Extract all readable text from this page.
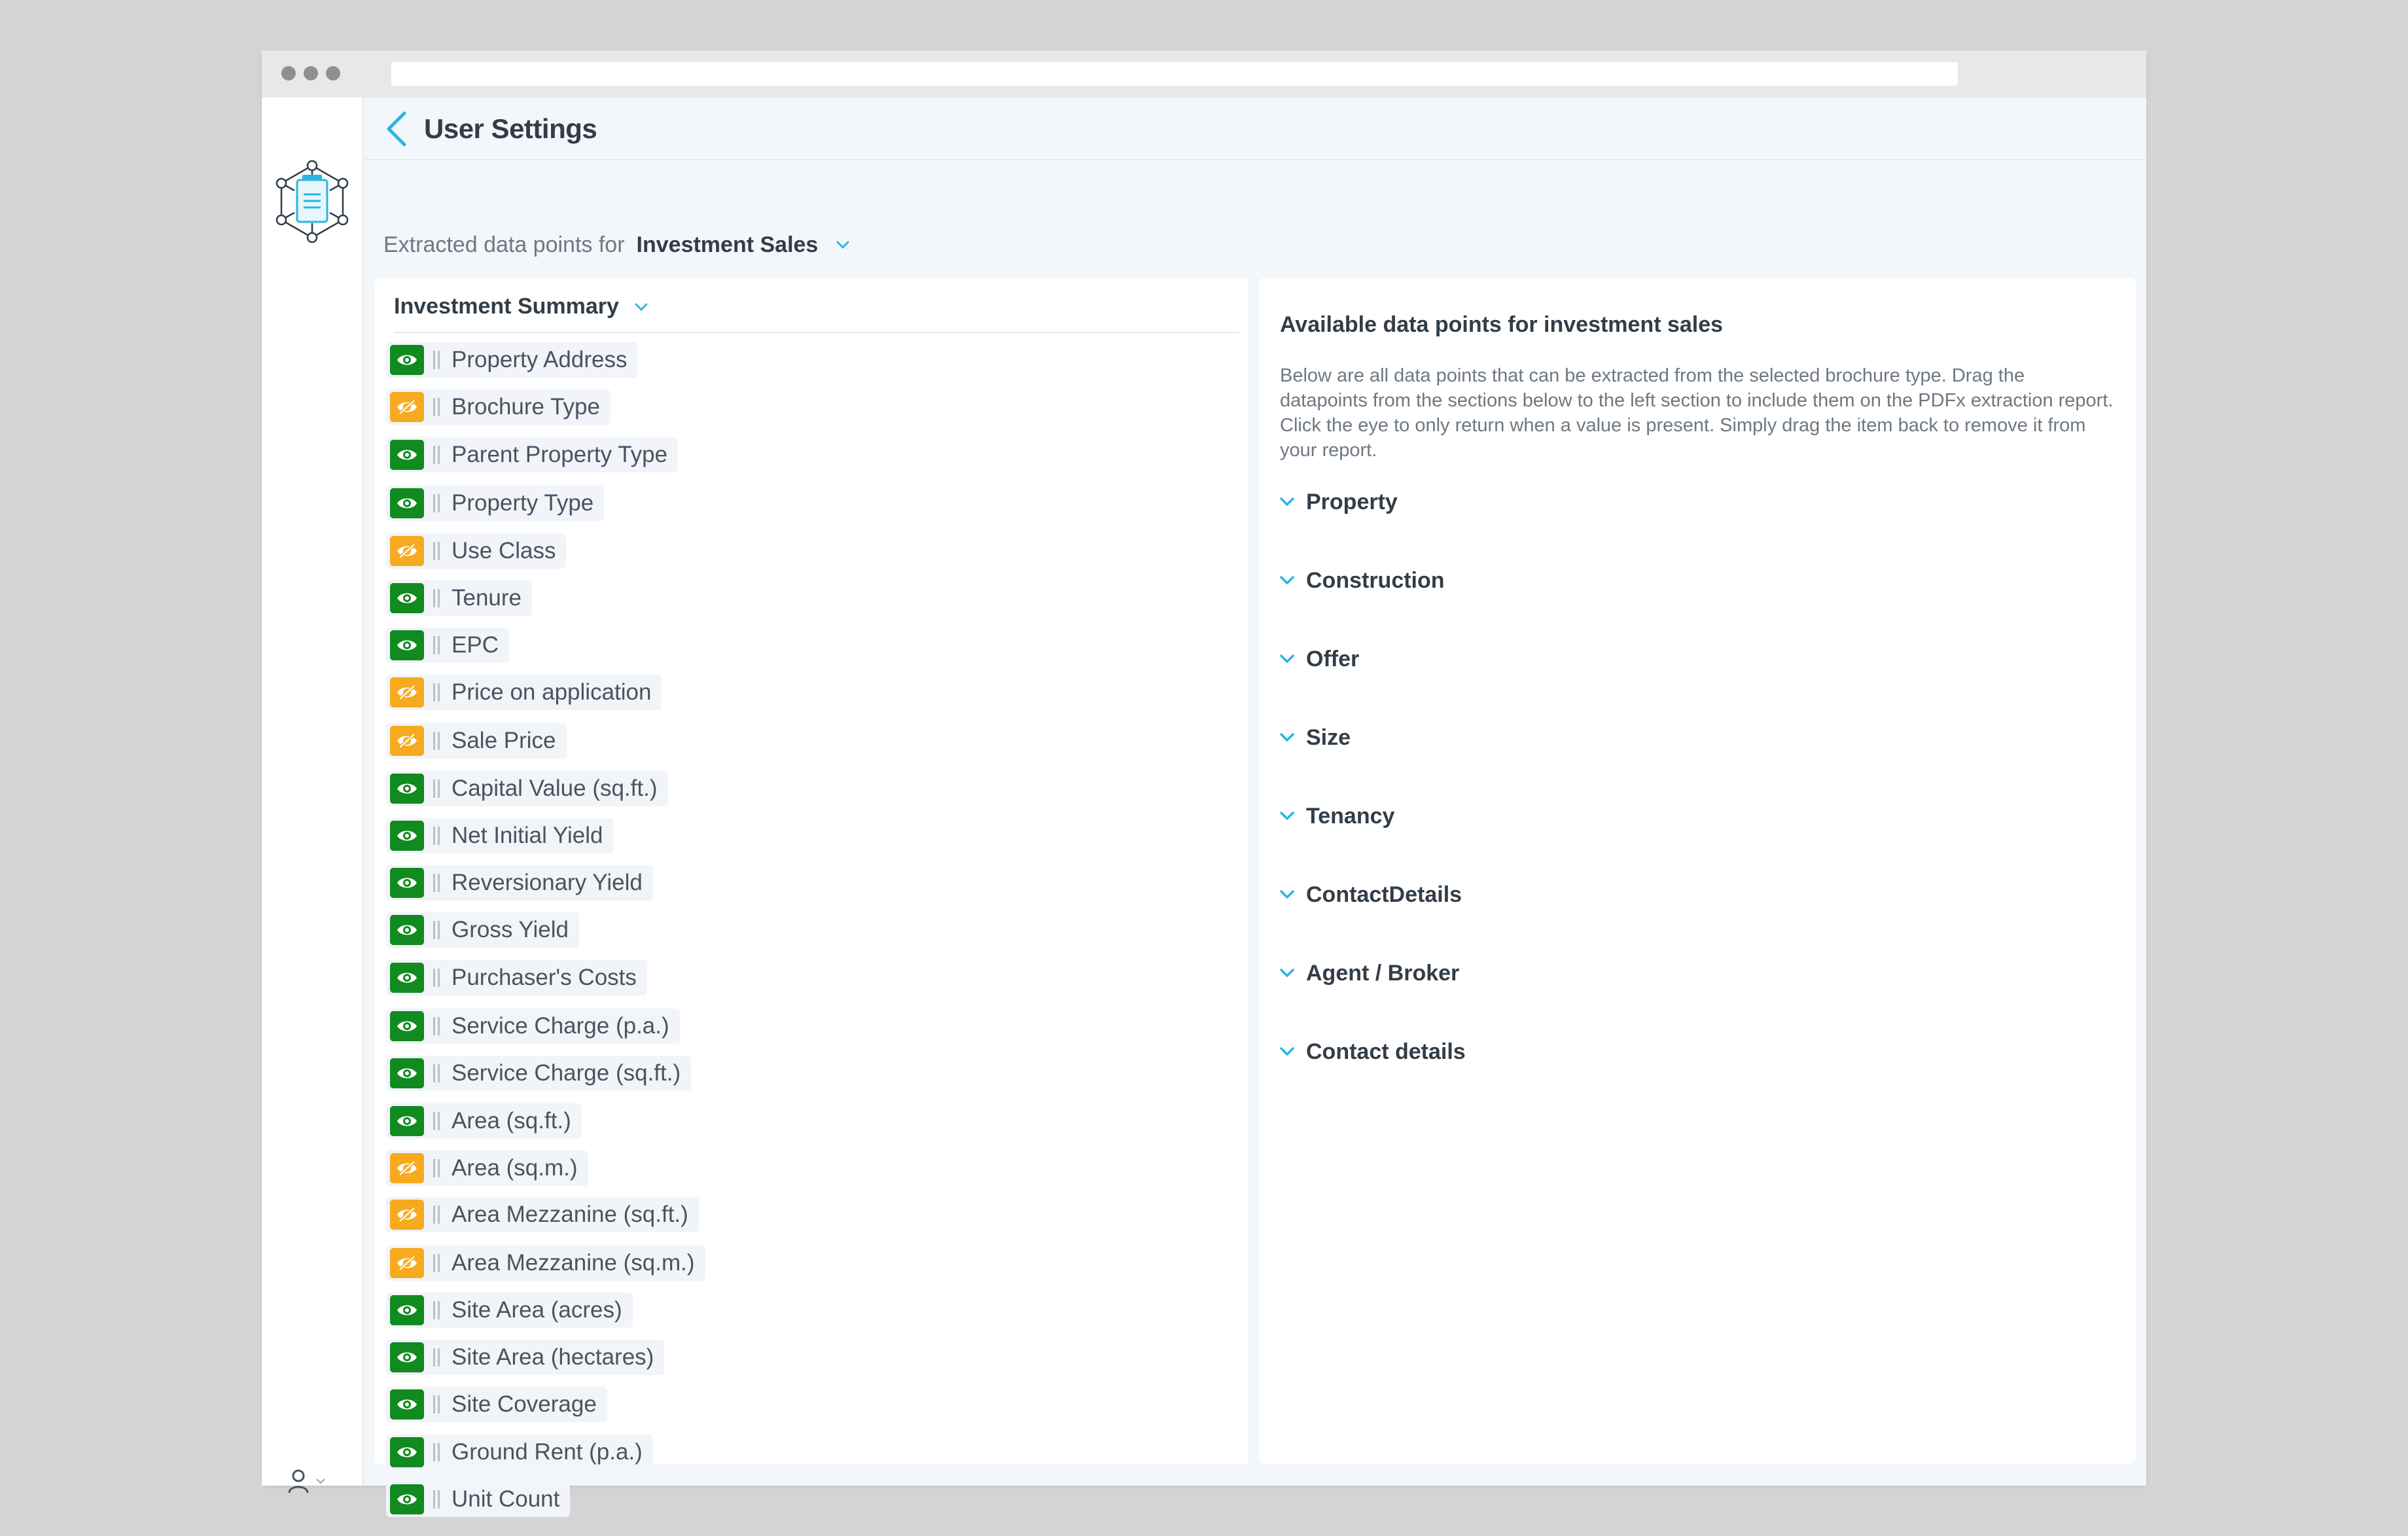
User Settings
Extracted data points for Investment Sales
Investment Summary
Property Address
Brochure Type
Parent Property Type
Property Type
Use Class
Tenure
EPC
Price on application
Sale Price
Capital Value (sq.ft.)
Net Initial Yield
Reversionary Yield
Gross Yield
Purchaser's Costs
Service Charge (p.a.)
Service Charge (sq.ft.)
Area (sq.ft.)
Area (sq.m.)
Area Mezzanine (sq.ft.)
Area Mezzanine (sq.m.)
Site Area (acres)
Site Area (hectares)
Site Coverage
Ground Rent (p.a.)
Unit Count
Available data points for investment sales
Below are all data points that can be extracted from the selected brochure type. Drag the datapoints from the sections below to the left section to include them on the PDFx extraction report. Click the eye to only return when a value is present. Simply drag the item back to remove it from your report.
Property
Construction
Offer
Size
Tenancy
ContactDetails
Agent / Broker
Contact details
